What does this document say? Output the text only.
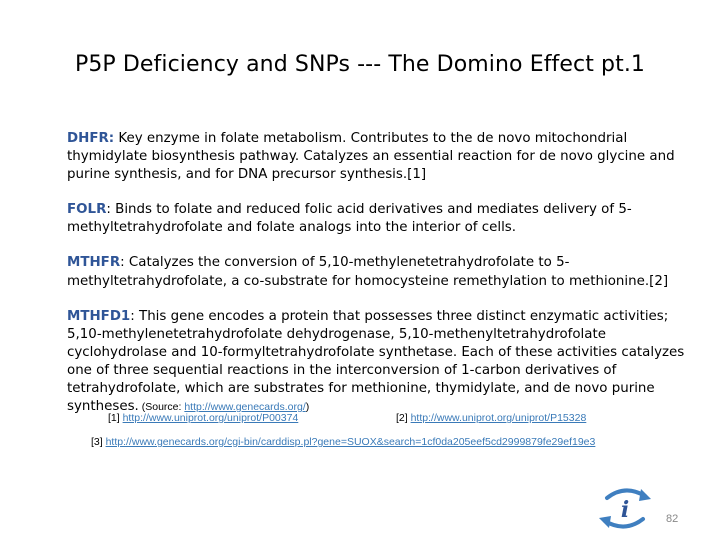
P5P Deficiency and SNPs --- The Domino Effect pt.1

DHFR: Key enzyme in folate metabolism. Contributes to the de novo mitochondrial thymidylate biosynthesis pathway. Catalyzes an essential reaction for de novo glycine and purine synthesis, and for DNA precursor synthesis.[1]

FOLR: Binds to folate and reduced folic acid derivatives and mediates delivery of 5-methyltetrahydrofolate and folate analogs into the interior of cells.

MTHFR: Catalyzes the conversion of 5,10-methylenetetrahydrofolate to 5-methyltetrahydrofolate, a co-substrate for homocysteine remethylation to methionine.[2]

MTHFD1: This gene encodes a protein that possesses three distinct enzymatic activities; 5,10-methylenetetrahydrofolate dehydrogenase, 5,10-methenyltetrahydrofolate cyclohydrolase and 10-formyltetrahydrofolate synthetase. Each of these activities catalyzes one of three sequential reactions in the interconversion of 1-carbon derivatives of tetrahydrofolate, which are substrates for methionine, thymidylate, and de novo purine syntheses. (Source: http://www.genecards.org/)

[1] http://www.uniprot.org/uniprot/P00374	[2] http://www.uniprot.org/uniprot/P15328
[3] http://www.genecards.org/cgi-bin/carddisp.pl?gene=SUOX&search=1cf0da205eef5cd2999879fe29ef19e3
i	82
